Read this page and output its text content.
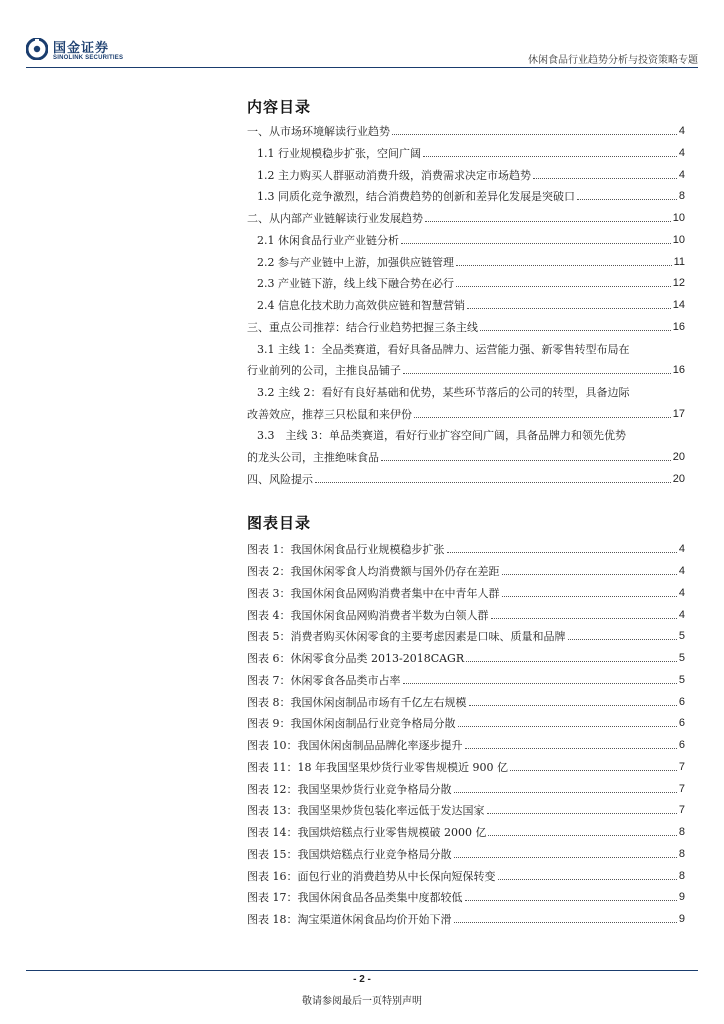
国金证券
SINOLINK SECURITIES	休闲食品行业趋势分析与投资策略专题
内容目录
一、从市场环境解读行业趋势	4
1.1 行业规模稳步扩张，空间广阔	4
1.2 主力购买人群驱动消费升级，消费需求决定市场趋势	4
1.3 同质化竞争激烈，结合消费趋势的创新和差异化发展是突破口	8
二、从内部产业链解读行业发展趋势	10
2.1 休闲食品行业产业链分析	10
2.2 参与产业链中上游，加强供应链管理	11
2.3 产业链下游，线上线下融合势在必行	12
2.4 信息化技术助力高效供应链和智慧营销	14
三、重点公司推荐：结合行业趋势把握三条主线	16
3.1 主线 1：全品类赛道，看好具备品牌力、运营能力强、新零售转型布局在
行业前列的公司，主推良品铺子	16
3.2 主线 2：看好有良好基础和优势，某些环节落后的公司的转型，具备边际
改善效应，推荐三只松鼠和来伊份	17
3.3　主线 3：单品类赛道，看好行业扩容空间广阔，具备品牌力和领先优势
的龙头公司，主推绝味食品	20
四、风险提示	20
图表目录
图表 1：我国休闲食品行业规模稳步扩张	4
图表 2：我国休闲零食人均消费额与国外仍存在差距	4
图表 3：我国休闲食品网购消费者集中在中青年人群	4
图表 4：我国休闲食品网购消费者半数为白领人群	4
图表 5：消费者购买休闲零食的主要考虑因素是口味、质量和品牌	5
图表 6：休闲零食分品类 2013-2018CAGR	5
图表 7：休闲零食各品类市占率	5
图表 8：我国休闲卤制品市场有千亿左右规模	6
图表 9：我国休闲卤制品行业竞争格局分散	6
图表 10：我国休闲卤制品品牌化率逐步提升	6
图表 11：18 年我国坚果炒货行业零售规模近 900 亿	7
图表 12：我国坚果炒货行业竞争格局分散	7
图表 13：我国坚果炒货包装化率远低于发达国家	7
图表 14：我国烘焙糕点行业零售规模破 2000 亿	8
图表 15：我国烘焙糕点行业竞争格局分散	8
图表 16：面包行业的消费趋势从中长保向短保转变	8
图表 17：我国休闲食品各品类集中度都较低	9
图表 18：淘宝渠道休闲食品均价开始下滑	9
- 2 -
敬请参阅最后一页特别声明
